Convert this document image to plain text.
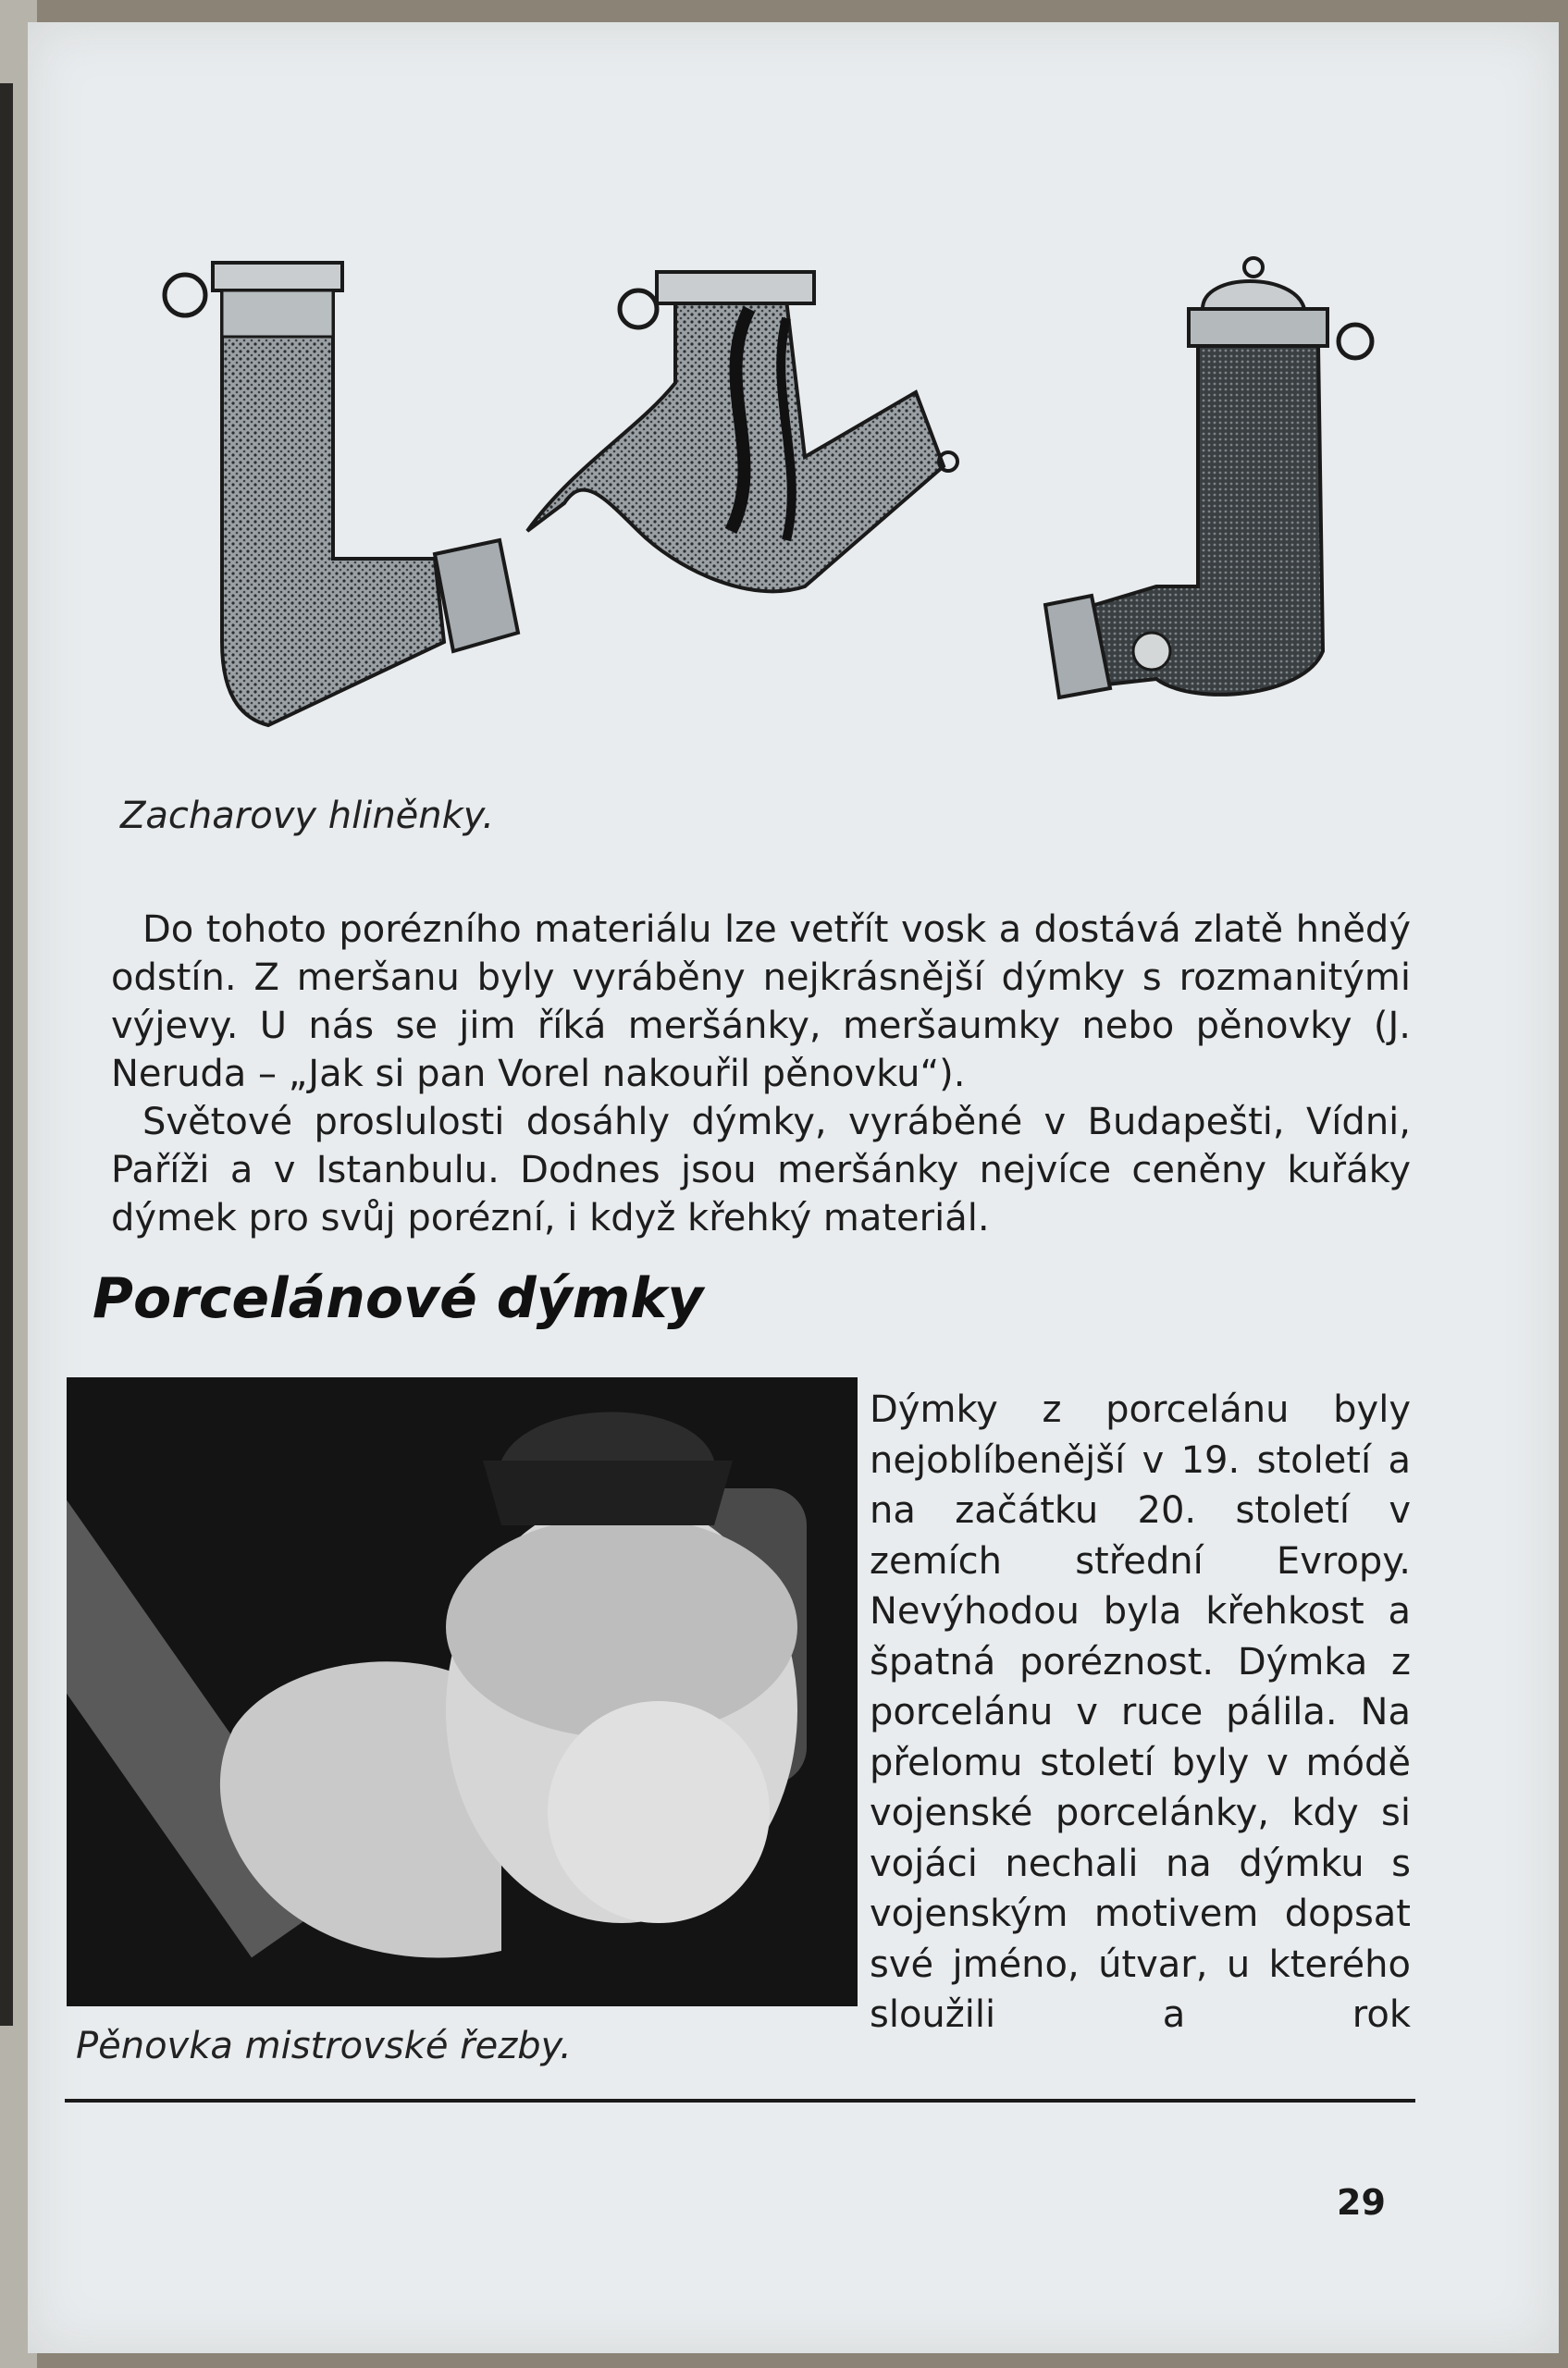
Zacharovy hliněnky.

Do tohoto porézního materiálu lze vetřít vosk a dostává zlatě hnědý odstín. Z meršanu byly vyráběny nejkrásnější dýmky s rozmanitými výjevy. U nás se jim říká meršánky, meršaumky nebo pěnovky (J. Neruda – „Jak si pan Vorel nakouřil pěnovku“).

Světové proslulosti dosáhly dýmky, vyráběné v Budapešti, Vídni, Paříži a v Istanbulu. Dodnes jsou meršánky nejvíce ceněny kuřáky dýmek pro svůj porézní, i když křehký materiál.

Porcelánové dýmky

Pěnovka mistrovské řezby.

Dýmky z porcelánu byly nejoblíbenější v 19. století a na začátku 20. století v zemích střední Evropy. Nevýhodou byla křehkost a špatná poréznost. Dýmka z porcelánu v ruce pálila. Na přelomu století byly v módě vojenské porcelánky, kdy si vojáci nechali na dýmku s vojenským motivem dopsat své jméno, útvar, u kterého sloužili a rok

29
